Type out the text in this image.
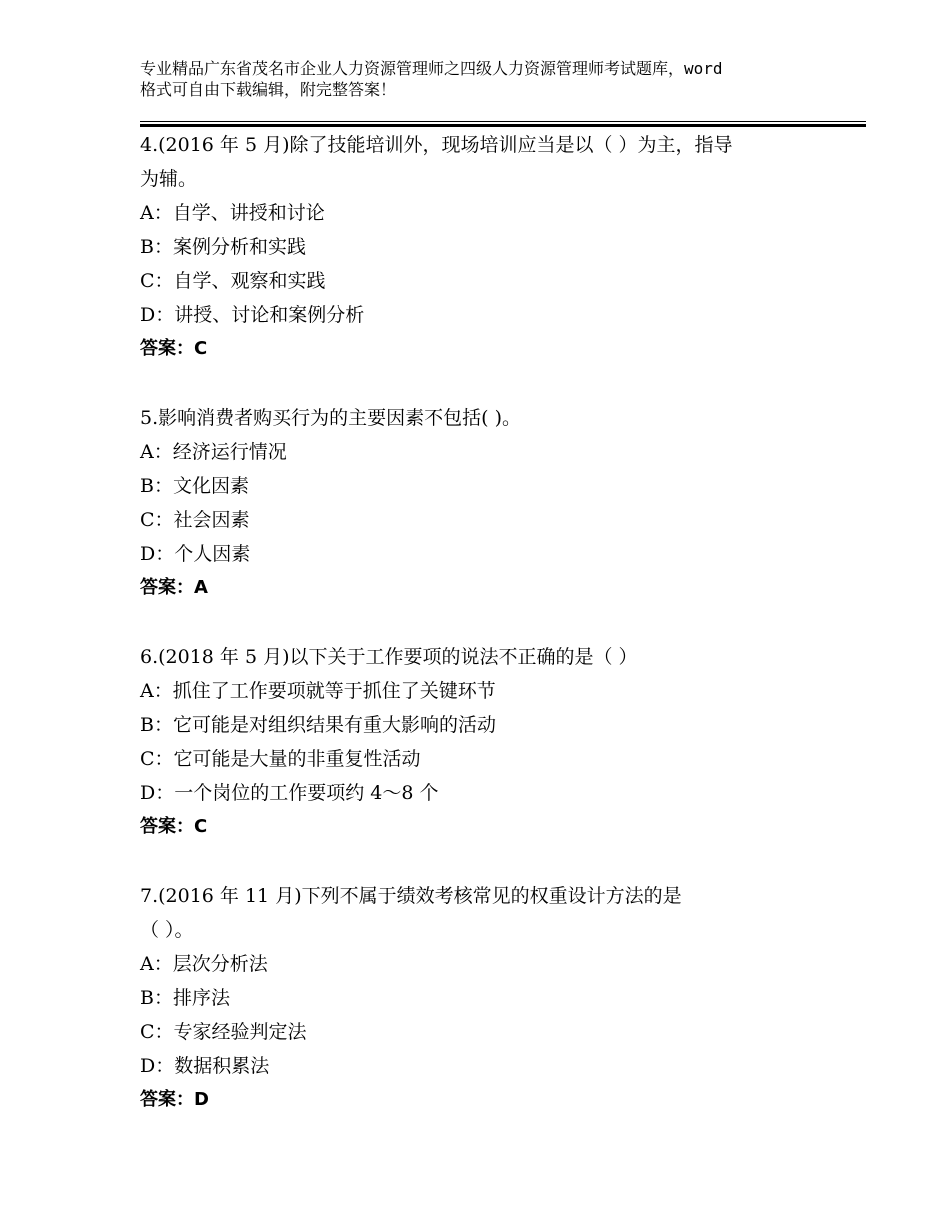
专业精品广东省茂名市企业人力资源管理师之四级人力资源管理师考试题库，word
格式可自由下载编辑，附完整答案！
4.(2016 年 5 月)除了技能培训外，现场培训应当是以（ ）为主，指导
为辅。
A：自学、讲授和讨论
B：案例分析和实践
C：自学、观察和实践
D：讲授、讨论和案例分析
答案：C
5.影响消费者购买行为的主要因素不包括( )。
A：经济运行情况
B：文化因素
C：社会因素
D：个人因素
答案：A
6.(2018 年 5 月)以下关于工作要项的说法不正确的是（ ）
A：抓住了工作要项就等于抓住了关键环节
B：它可能是对组织结果有重大影响的活动
C：它可能是大量的非重复性活动
D：一个岗位的工作要项约 4～8 个
答案：C
7.(2016 年 11 月)下列不属于绩效考核常见的权重设计方法的是
（ ）。
A：层次分析法
B：排序法
C：专家经验判定法
D：数据积累法
答案：D
